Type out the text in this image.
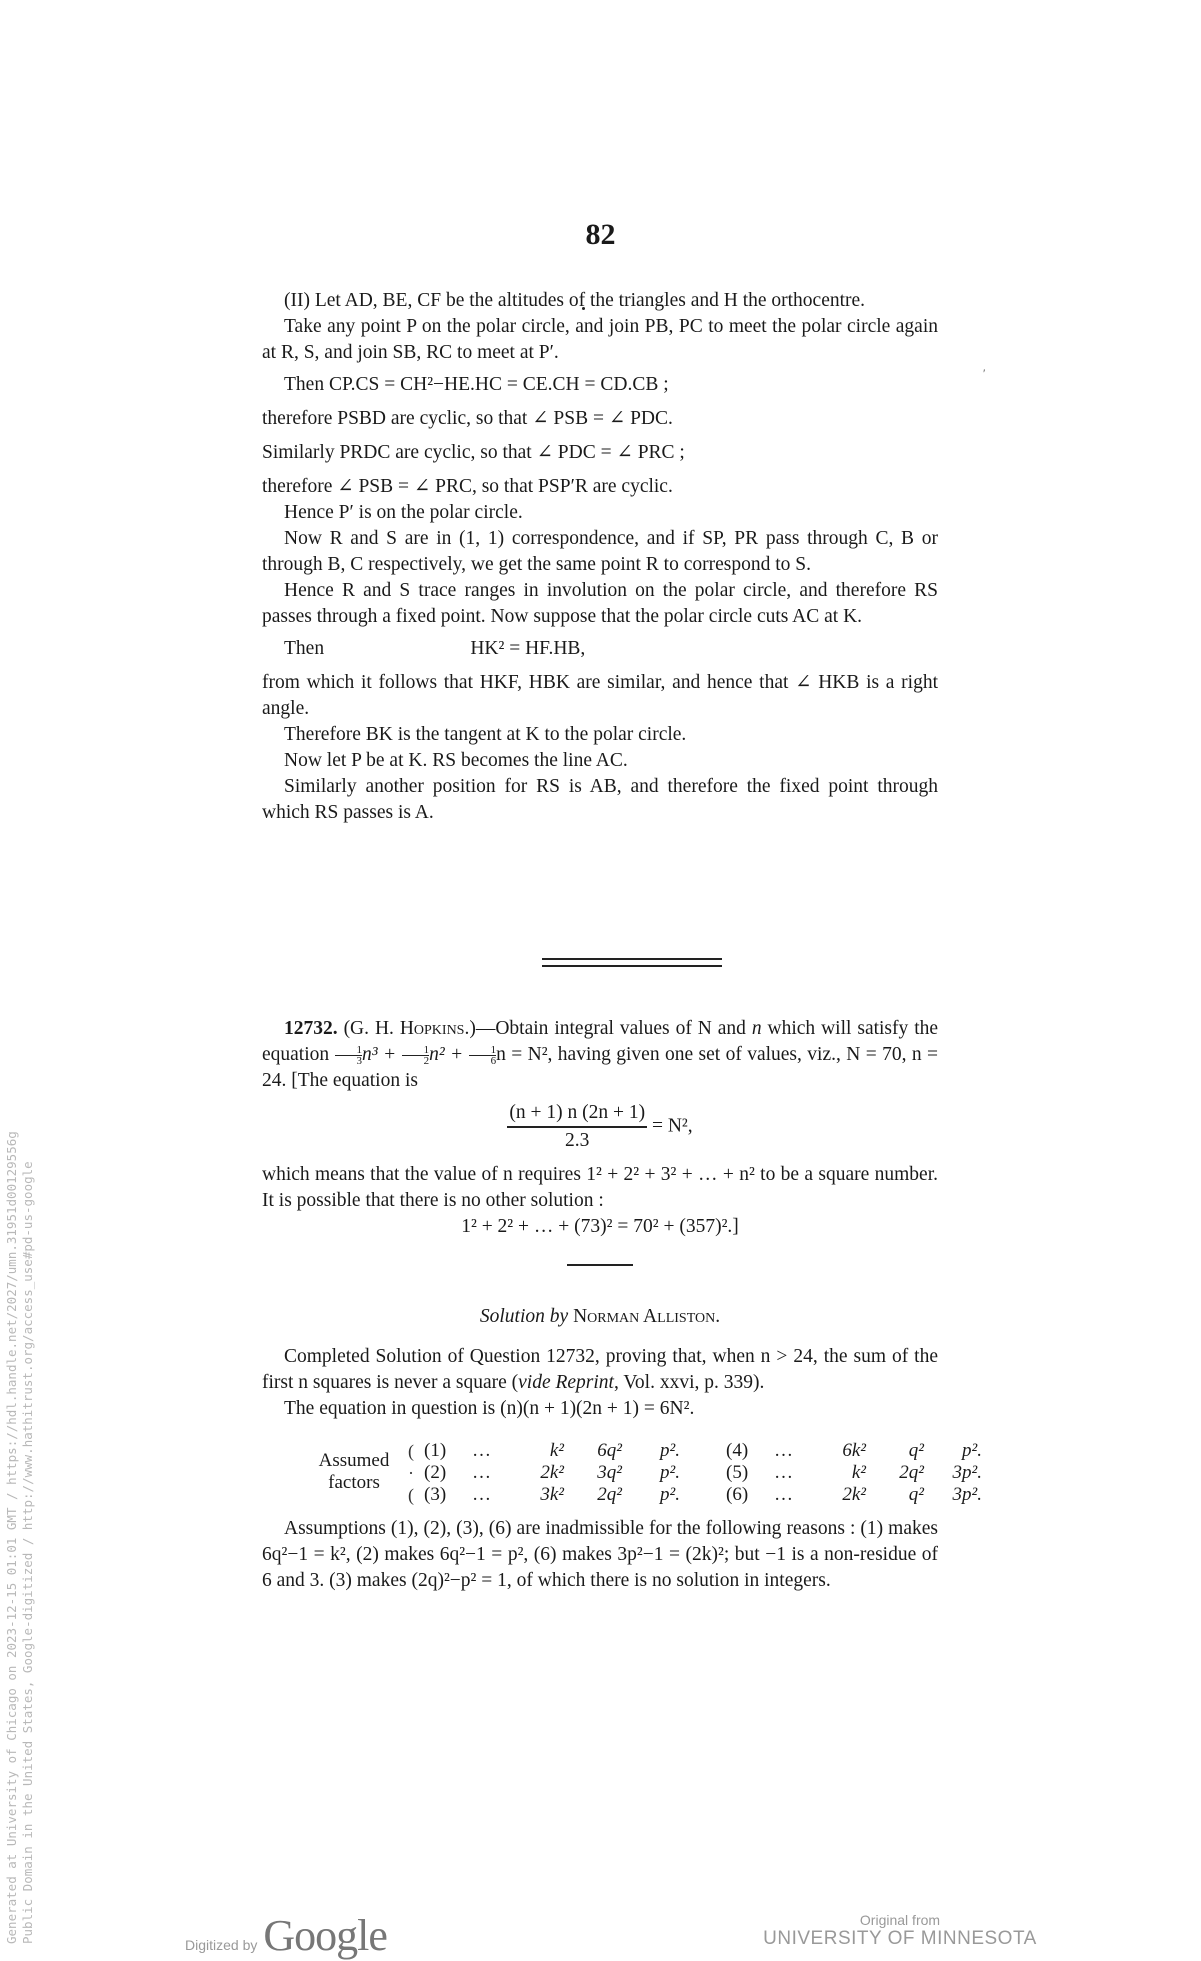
82
′

(II) Let AD, BE, CF be the altitudes of the triangles and H the orthocentre.

Take any point P on the polar circle, and join PB, PC to meet the polar circle again at R, S, and join SB, RC to meet at P′.

Then CP.CS = CH²−HE.HC = CE.CH = CD.CB ;

therefore PSBD are cyclic, so that ∠ PSB = ∠ PDC.

Similarly PRDC are cyclic, so that ∠ PDC = ∠ PRC ;

therefore ∠ PSB = ∠ PRC, so that PSP′R are cyclic.

Hence P′ is on the polar circle.

Now R and S are in (1, 1) correspondence, and if SP, PR pass through C, B or through B, C respectively, we get the same point R to correspond to S.

Hence R and S trace ranges in involution on the polar circle, and therefore RS passes through a fixed point. Now suppose that the polar circle cuts AC at K.

Then                              HK² = HF.HB,

from which it follows that HKF, HBK are similar, and hence that ∠ HKB is a right angle.

Therefore BK is the tangent at K to the polar circle.

Now let P be at K. RS becomes the line AC.

Similarly another position for RS is AB, and therefore the fixed point through which RS passes is A.

12732. (G. H. Hopkins.)—Obtain integral values of N and n which will satisfy the equation $\frac{1}{3} n^3 + \frac{1}{2} n^2 + \frac{1}{6}$ n = N², having given one set of values, viz., N = 70, n = 24. [The equation is

$\frac{(n + 1) n (2n + 1)}{2.3} = N^2$,

which means that the value of n requires 1² + 2² + 3² + … + n² to be a square number. It is possible that there is no other solution :

1² + 2² + … + (73)² = 70² + (357)².]

Solution by Norman Alliston.

Completed Solution of Question 12732, proving that, when n > 24, the sum of the first n squares is never a square (vide Reprint, Vol. xxvi, p. 339).

The equation in question is (n)(n + 1)(2n + 1) = 6N².

Assumed
factors
(
·
(
(1)	…	k²	6q²	p².	(4)	…	6k²	q²	p².
(2)	…	2k²	3q²	p².	(5)	…	k²	2q²	3p².
(3)	…	3k²	2q²	p².	(6)	…	2k²	q²	3p².

Assumptions (1), (2), (3), (6) are inadmissible for the following reasons : (1) makes 6q²−1 = k², (2) makes 6q²−1 = p², (6) makes 3p²−1 = (2k)²; but −1 is a non-residue of 6 and 3. (3) makes (2q)²−p² = 1, of which there is no solution in integers.

Generated at University of Chicago on 2023-12-15 01:01 GMT / https://hdl.handle.net/2027/umn.31951d00129556g Public Domain in the United States, Google-digitized / http://www.hathitrust.org/access_use#pd-us-google
Digitized by Google	Original from
UNIVERSITY OF MINNESOTA
